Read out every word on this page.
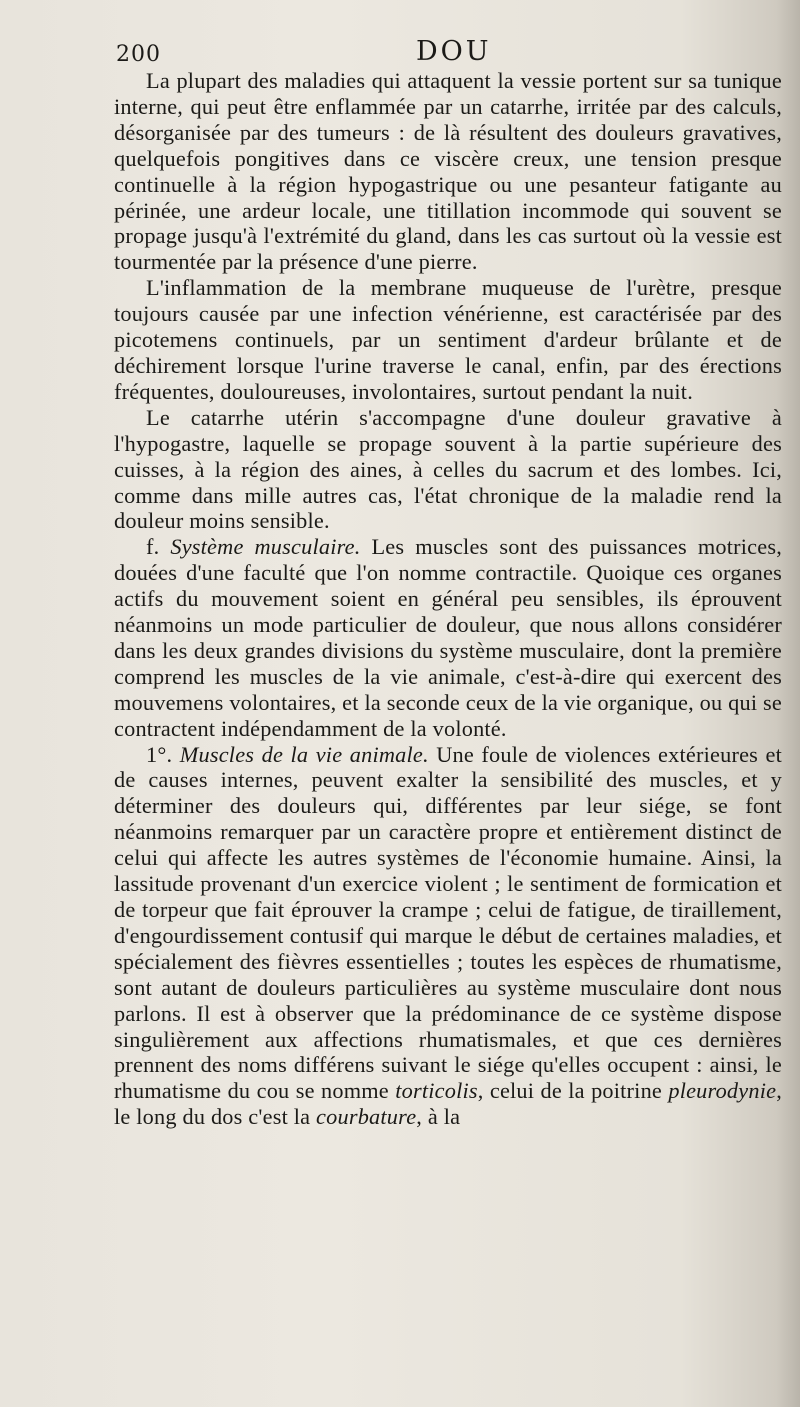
200	DOU

La plupart des maladies qui attaquent la vessie portent sur sa tunique interne, qui peut être enflammée par un catarrhe, irritée par des calculs, désorganisée par des tumeurs : de là résultent des douleurs gravatives, quelquefois pongitives dans ce viscère creux, une tension presque continuelle à la région hypogastrique ou une pesanteur fatigante au périnée, une ardeur locale, une titillation incommode qui souvent se propage jusqu'à l'extrémité du gland, dans les cas surtout où la vessie est tourmentée par la présence d'une pierre.

L'inflammation de la membrane muqueuse de l'urètre, presque toujours causée par une infection vénérienne, est caractérisée par des picotemens continuels, par un sentiment d'ardeur brûlante et de déchirement lorsque l'urine traverse le canal, enfin, par des érections fréquentes, douloureuses, involontaires, surtout pendant la nuit.

Le catarrhe utérin s'accompagne d'une douleur gravative à l'hypogastre, laquelle se propage souvent à la partie supérieure des cuisses, à la région des aines, à celles du sacrum et des lombes. Ici, comme dans mille autres cas, l'état chronique de la maladie rend la douleur moins sensible.

f. Système musculaire. Les muscles sont des puissances motrices, douées d'une faculté que l'on nomme contractile. Quoique ces organes actifs du mouvement soient en général peu sensibles, ils éprouvent néanmoins un mode particulier de douleur, que nous allons considérer dans les deux grandes divisions du système musculaire, dont la première comprend les muscles de la vie animale, c'est-à-dire qui exercent des mouvemens volontaires, et la seconde ceux de la vie organique, ou qui se contractent indépendamment de la volonté.

1°. Muscles de la vie animale. Une foule de violences extérieures et de causes internes, peuvent exalter la sensibilité des muscles, et y déterminer des douleurs qui, différentes par leur siége, se font néanmoins remarquer par un caractère propre et entièrement distinct de celui qui affecte les autres systèmes de l'économie humaine. Ainsi, la lassitude provenant d'un exercice violent ; le sentiment de formication et de torpeur que fait éprouver la crampe ; celui de fatigue, de tiraillement, d'engourdissement contusif qui marque le début de certaines maladies, et spécialement des fièvres essentielles ; toutes les espèces de rhumatisme, sont autant de douleurs particulières au système musculaire dont nous parlons. Il est à observer que la prédominance de ce système dispose singulièrement aux affections rhumatismales, et que ces dernières prennent des noms différens suivant le siége qu'elles occupent : ainsi, le rhumatisme du cou se nomme torticolis, celui de la poitrine pleurodynie, le long du dos c'est la courbature, à la
